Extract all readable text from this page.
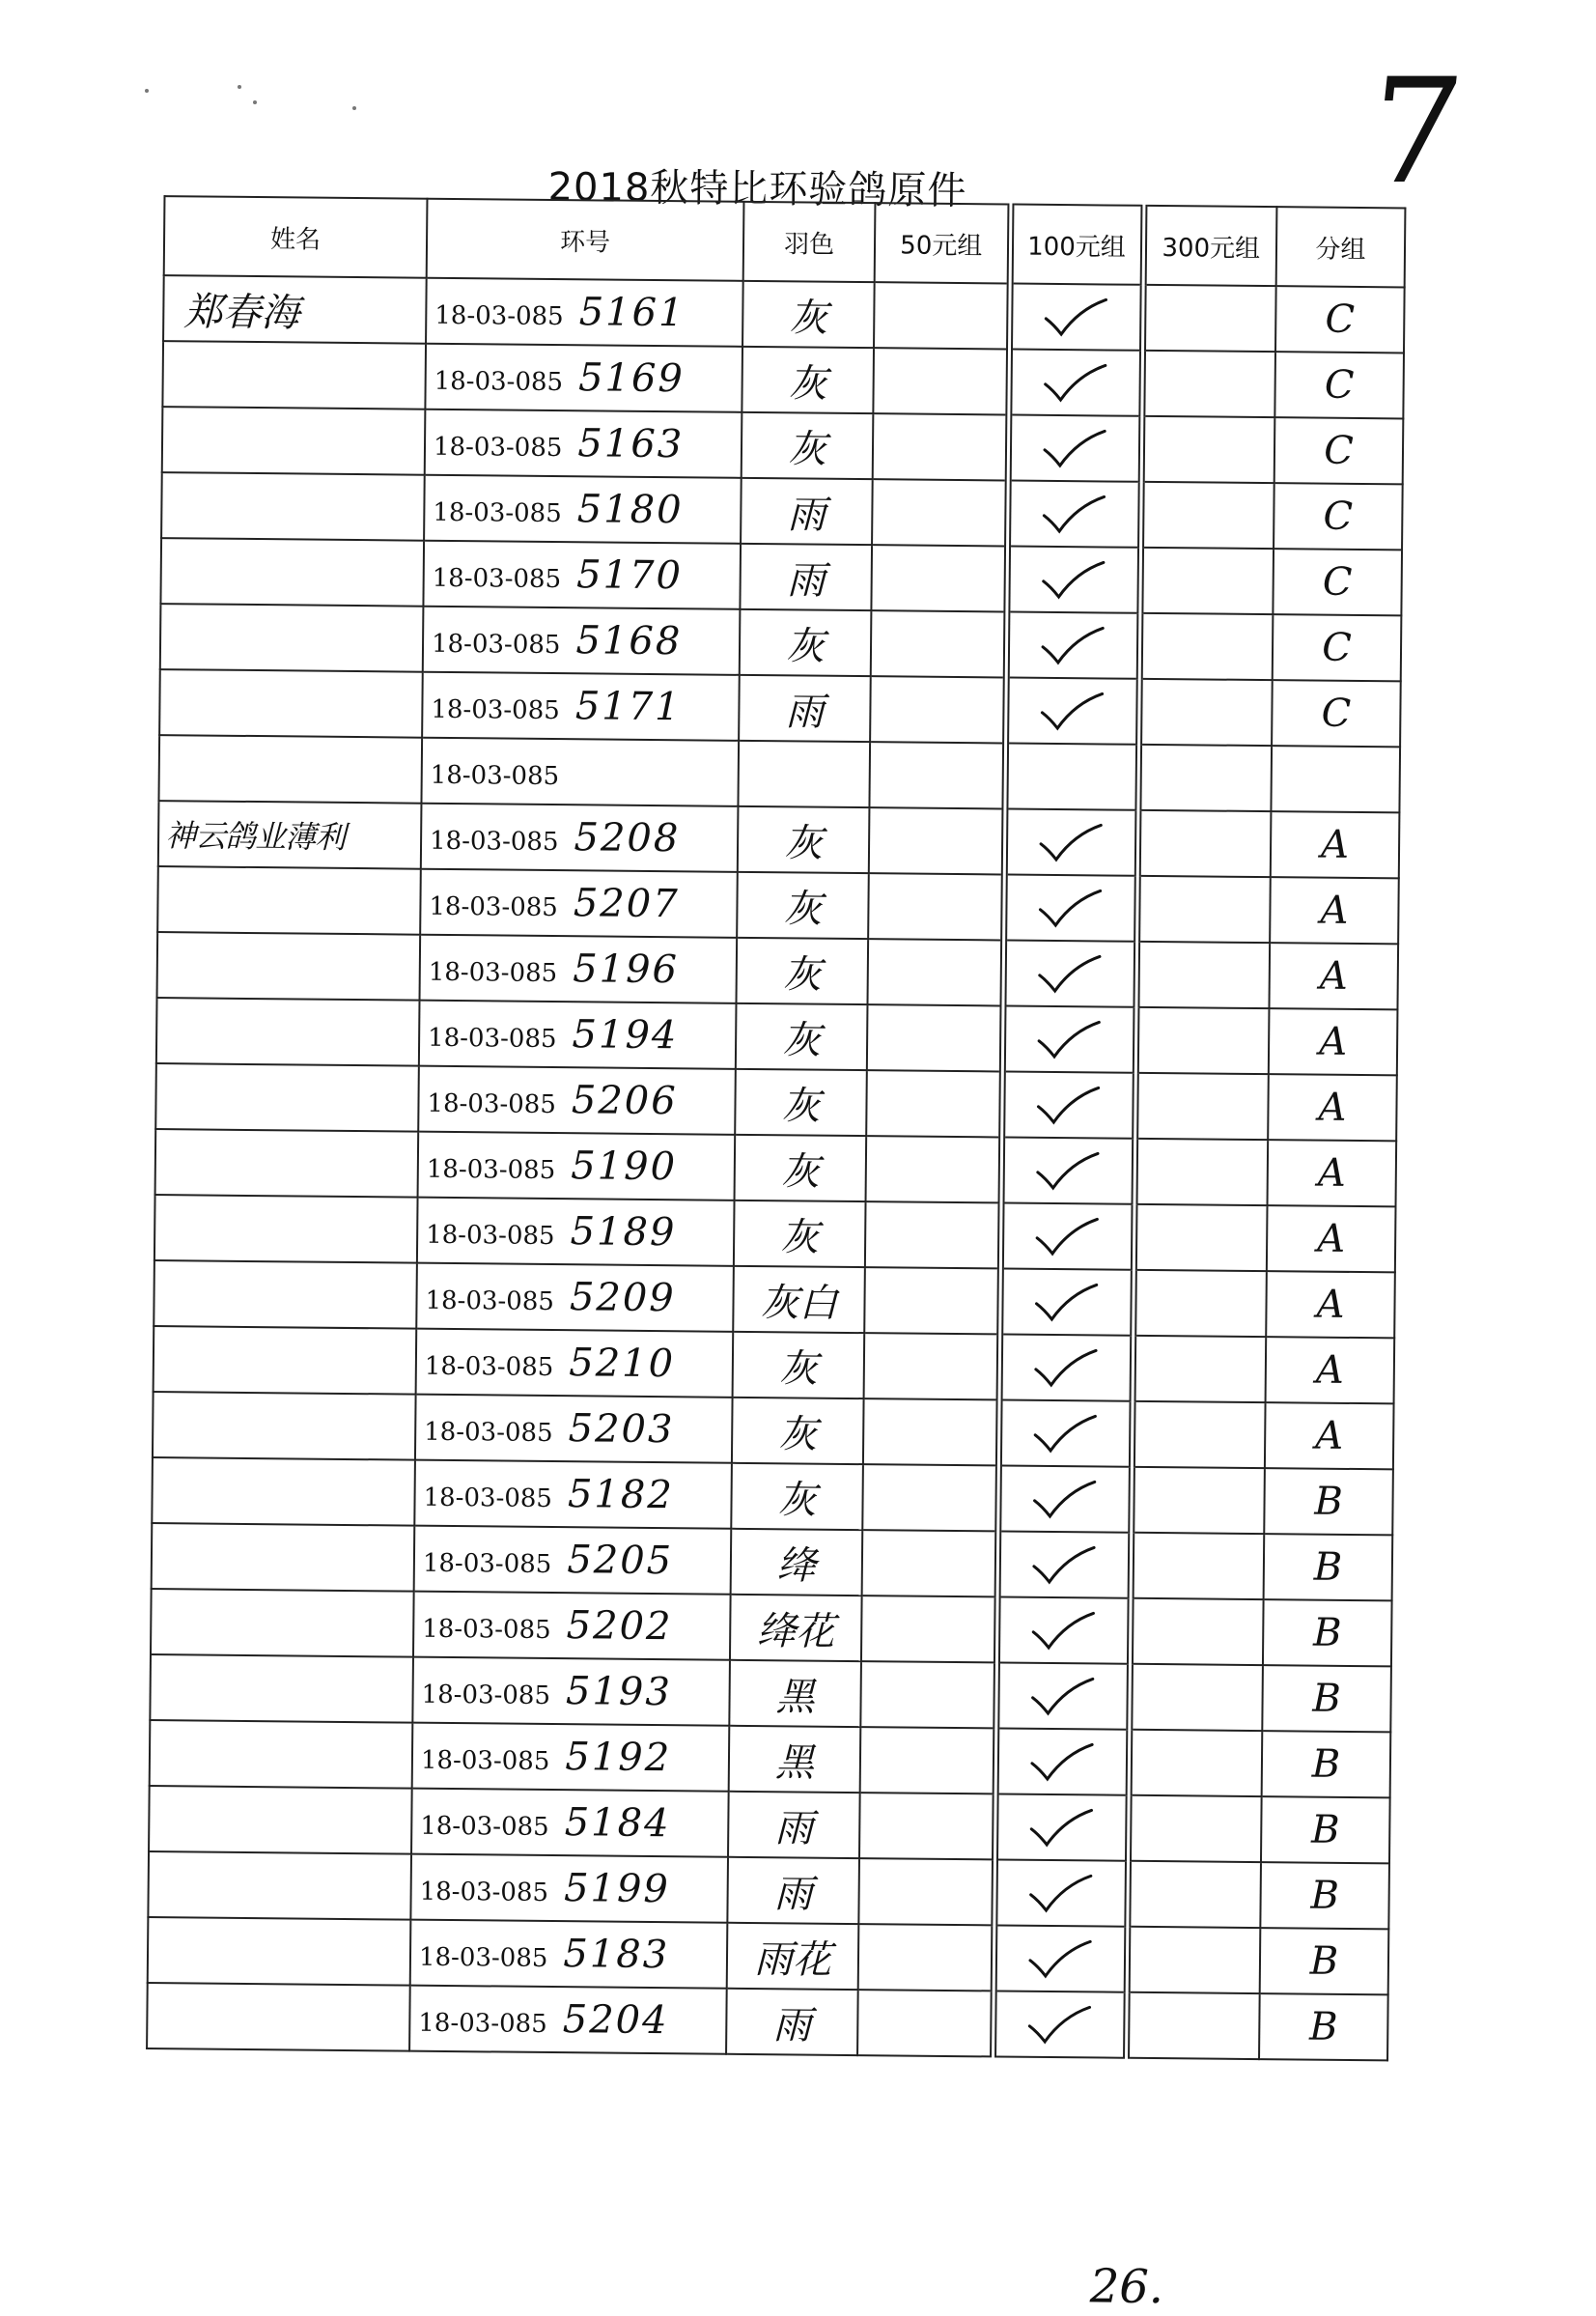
7
2018秋特比环验鸽原件
姓名	环号	羽色	50元组	100元组	300元组	分组
郑春海	18-03-085 5161	灰				C
	18-03-085 5169	灰				C
	18-03-085 5163	灰				C
	18-03-085 5180	雨				C
	18-03-085 5170	雨				C
	18-03-085 5168	灰				C
	18-03-085 5171	雨				C
	18-03-085					
神云鸽业薄利	18-03-085 5208	灰				A
	18-03-085 5207	灰				A
	18-03-085 5196	灰				A
	18-03-085 5194	灰				A
	18-03-085 5206	灰				A
	18-03-085 5190	灰				A
	18-03-085 5189	灰				A
	18-03-085 5209	灰白				A
	18-03-085 5210	灰				A
	18-03-085 5203	灰				A
	18-03-085 5182	灰				B
	18-03-085 5205	绛				B
	18-03-085 5202	绛花				B
	18-03-085 5193	黑				B
	18-03-085 5192	黑				B
	18-03-085 5184	雨				B
	18-03-085 5199	雨				B
	18-03-085 5183	雨花				B
	18-03-085 5204	雨				B
26.
